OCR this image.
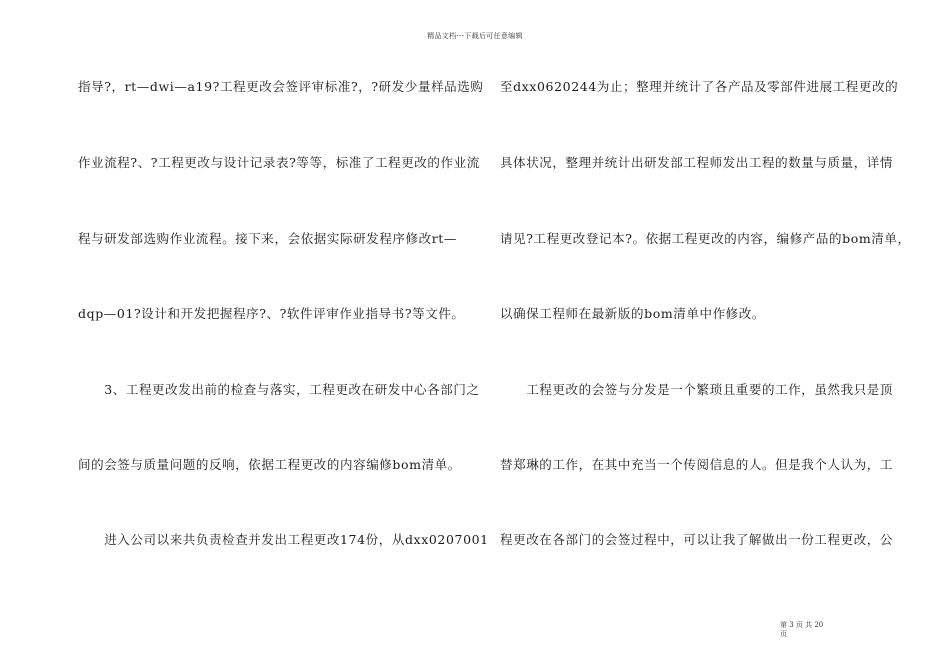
精品文档---下载后可任意编辑
指导?，rt—dwi—a19?工程更改会签评审标准?，?研发少量样品选购
作业流程?、?工程更改与设计记录表?等等，标准了工程更改的作业流
程与研发部选购作业流程。接下来，会依据实际研发程序修改rt—
dqp—01?设计和开发把握程序?、?软件评审作业指导书?等文件。
　　3、工程更改发出前的检查与落实，工程更改在研发中心各部门之
间的会签与质量问题的反响，依据工程更改的内容编修bom清单。
　　进入公司以来共负责检查并发出工程更改174份，从dxx0207001
至dxx0620244为止；整理并统计了各产品及零部件进展工程更改的
具体状况，整理并统计出研发部工程师发出工程的数量与质量，详情
请见?工程更改登记本?。依据工程更改的内容，编修产品的bom清单，
以确保工程师在最新版的bom清单中作修改。
　　工程更改的会签与分发是一个繁琐且重要的工作，虽然我只是顶
替郑琳的工作，在其中充当一个传阅信息的人。但是我个人认为，工
程更改在各部门的会签过程中，可以让我了解做出一份工程更改，公
第 3 页 共 20
页
